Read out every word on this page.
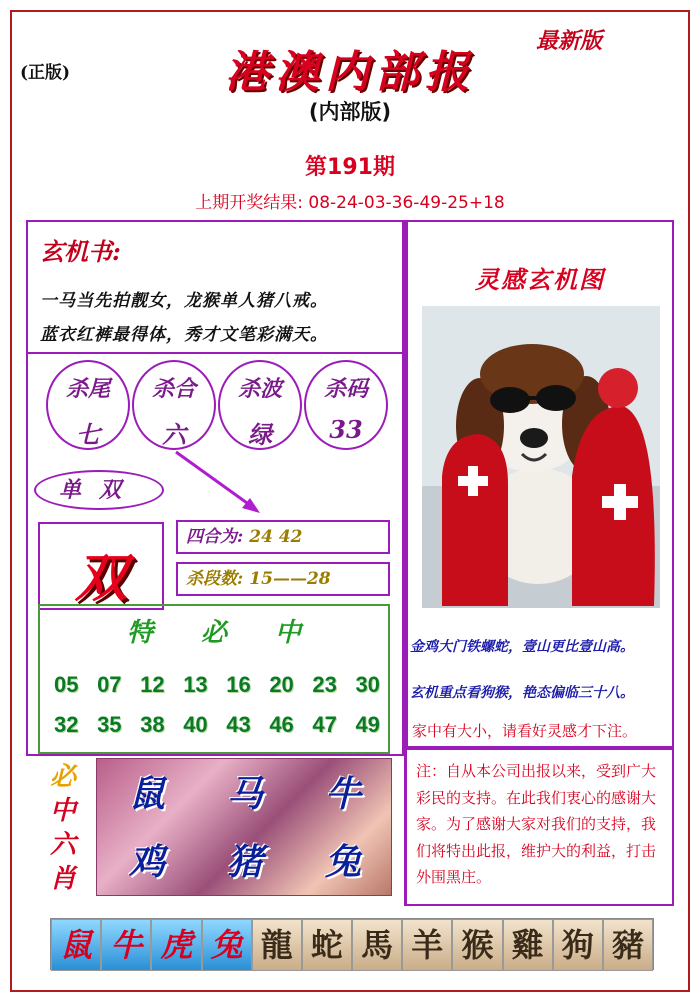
(正版)
最新版
港澳内部报
(内部版)
第191期
上期开奖结果: 08-24-03-36-49-25+18
玄机书:
一马当先拍靓女，龙猴单人猪八戒。
蓝衣红裤最得体，秀才文笔彩满天。
杀尾
七
杀合
六
杀波
绿
杀码
33
单双
双
四合为: 24 42
杀段数: 15——28
特必中
05 07 12 13 16 20 23 30
32 35 38 40 43 46 47 49
必
中
六
肖
鼠	马	牛
鸡	猪	兔
灵感玄机图
金鸡大门铁螺蛇，壹山更比壹山高。
玄机重点看狗猴，艳态偏临三十八。
家中有大小，请看好灵感才下注。
注：自从本公司出报以来，受到广大彩民的支持。在此我们衷心的感谢大家。为了感谢大家对我们的支持，我们将特出此报，维护大的利益，打击外围黑庄。
鼠 牛 虎 兔 龍 蛇 馬 羊 猴 雞 狗 豬
